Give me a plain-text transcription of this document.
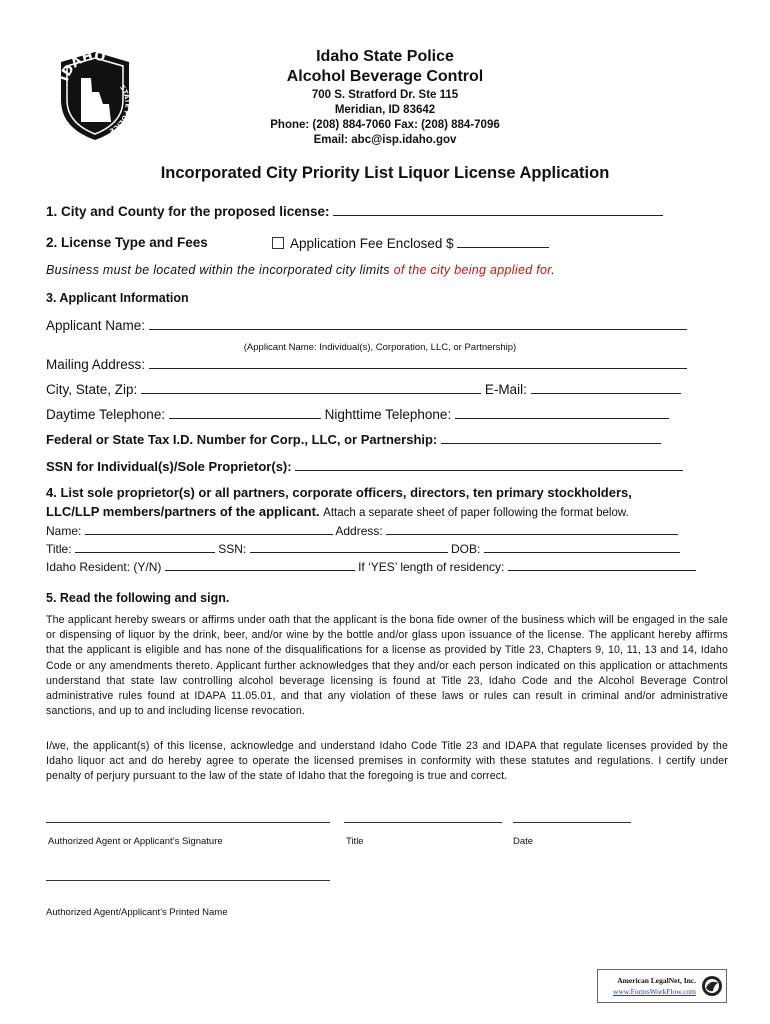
IDAHO
STATE POLICE
Idaho State Police
Alcohol Beverage Control
700 S. Stratford Dr. Ste 115
Meridian, ID 83642
Phone: (208) 884-7060 Fax: (208) 884-7096
Email: abc@isp.idaho.gov
Incorporated City Priority List Liquor License Application
1. City and County for the proposed license:
2. License Type and Fees	Application Fee Enclosed $
Business must be located within the incorporated city limits of the city being applied for.
3. Applicant Information
Applicant Name:
(Applicant Name: Individual(s), Corporation, LLC, or Partnership)
Mailing Address:
City, State, Zip:	E-Mail:
Daytime Telephone:	Nighttime Telephone:
Federal or State Tax I.D. Number for Corp., LLC, or Partnership:
SSN for Individual(s)/Sole Proprietor(s):
4. List sole proprietor(s) or all partners, corporate officers, directors, ten primary stockholders,
LLC/LLP members/partners of the applicant. Attach a separate sheet of paper following the format below.
Name:	Address:
Title:	SSN:	DOB:
Idaho Resident: (Y/N)	If ‘YES’ length of residency:
5. Read the following and sign.
The applicant hereby swears or affirms under oath that the applicant is the bona fide owner of the business which will be engaged in the sale or dispensing of liquor by the drink, beer, and/or wine by the bottle and/or glass upon issuance of the license. The applicant hereby affirms that the applicant is eligible and has none of the disqualifications for a license as provided by Title 23, Chapters 9, 10, 11, 13 and 14, Idaho Code or any amendments thereto. Applicant further acknowledges that they and/or each person indicated on this application or attachments understand that state law controlling alcohol beverage licensing is found at Title 23, Idaho Code and the Alcohol Beverage Control administrative rules found at IDAPA 11.05.01, and that any violation of these laws or rules can result in criminal and/or administrative sanctions, and up to and including license revocation.
I/we, the applicant(s) of this license, acknowledge and understand Idaho Code Title 23 and IDAPA that regulate licenses provided by the Idaho liquor act and do hereby agree to operate the licensed premises in conformity with these statutes and regulations. I certify under penalty of perjury pursuant to the law of the state of Idaho that the foregoing is true and correct.
Authorized Agent or Applicant’s Signature	Title	Date
Authorized Agent/Applicant’s Printed Name
American LegalNet, Inc.
www.FormsWorkFlow.com
